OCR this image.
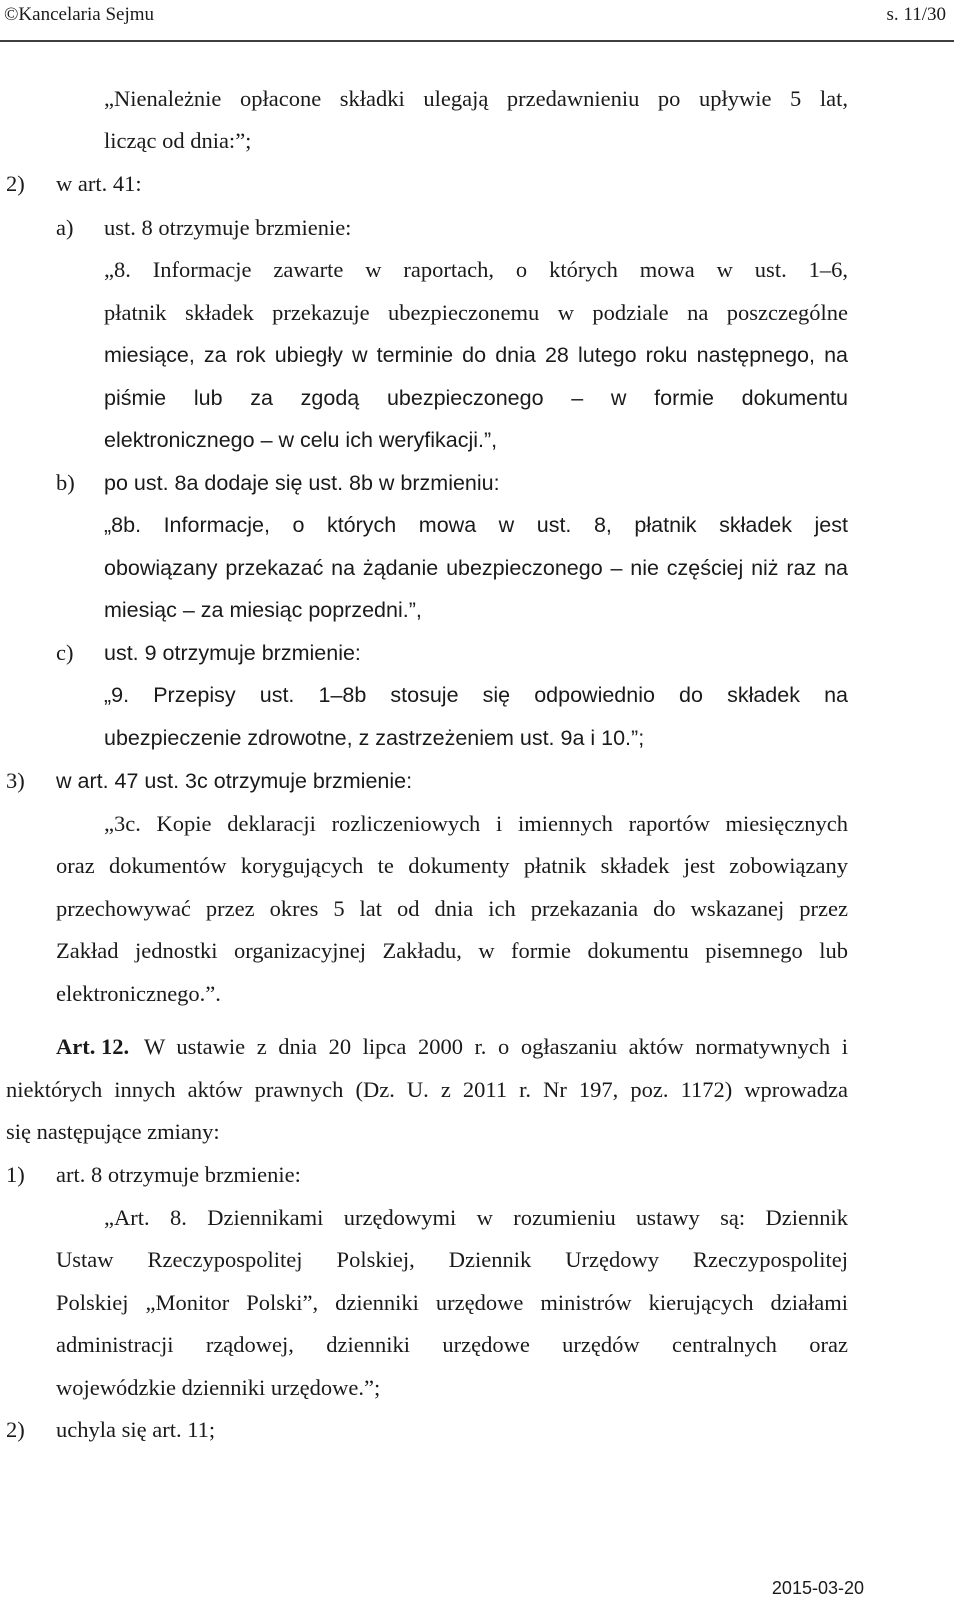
©Kancelaria Sejmu	s. 11/30
„Nienależnie opłacone składki ulegają przedawnieniu po upływie 5 lat,
licząc od dnia:”;
2) w art. 41:
a) ust. 8 otrzymuje brzmienie:
„8. Informacje zawarte w raportach, o których mowa w ust. 1–6,
płatnik składek przekazuje ubezpieczonemu w podziale na poszczególne
miesiące, za rok ubiegły w terminie do dnia 28 lutego roku następnego, na
piśmie lub za zgodą ubezpieczonego – w formie dokumentu
elektronicznego – w celu ich weryfikacji.”,
b) po ust. 8a dodaje się ust. 8b w brzmieniu:
„8b. Informacje, o których mowa w ust. 8, płatnik składek jest
obowiązany przekazać na żądanie ubezpieczonego – nie częściej niż raz na
miesiąc – za miesiąc poprzedni.”,
c) ust. 9 otrzymuje brzmienie:
„9. Przepisy ust. 1–8b stosuje się odpowiednio do składek na
ubezpieczenie zdrowotne, z zastrzeżeniem ust. 9a i 10.”;
3) w art. 47 ust. 3c otrzymuje brzmienie:
„3c. Kopie deklaracji rozliczeniowych i imiennych raportów miesięcznych
oraz dokumentów korygujących te dokumenty płatnik składek jest zobowiązany
przechowywać przez okres 5 lat od dnia ich przekazania do wskazanej przez
Zakład jednostki organizacyjnej Zakładu, w formie dokumentu pisemnego lub
elektronicznego.”.
Art. 12. W ustawie z dnia 20 lipca 2000 r. o ogłaszaniu aktów normatywnych i
niektórych innych aktów prawnych (Dz. U. z 2011 r. Nr 197, poz. 1172) wprowadza
się następujące zmiany:
1) art. 8 otrzymuje brzmienie:
„Art. 8. Dziennikami urzędowymi w rozumieniu ustawy są: Dziennik
Ustaw Rzeczypospolitej Polskiej, Dziennik Urzędowy Rzeczypospolitej
Polskiej „Monitor Polski”, dzienniki urzędowe ministrów kierujących działami
administracji rządowej, dzienniki urzędowe urzędów centralnych oraz
wojewódzkie dzienniki urzędowe.”;
2) uchyla się art. 11;
2015-03-20
